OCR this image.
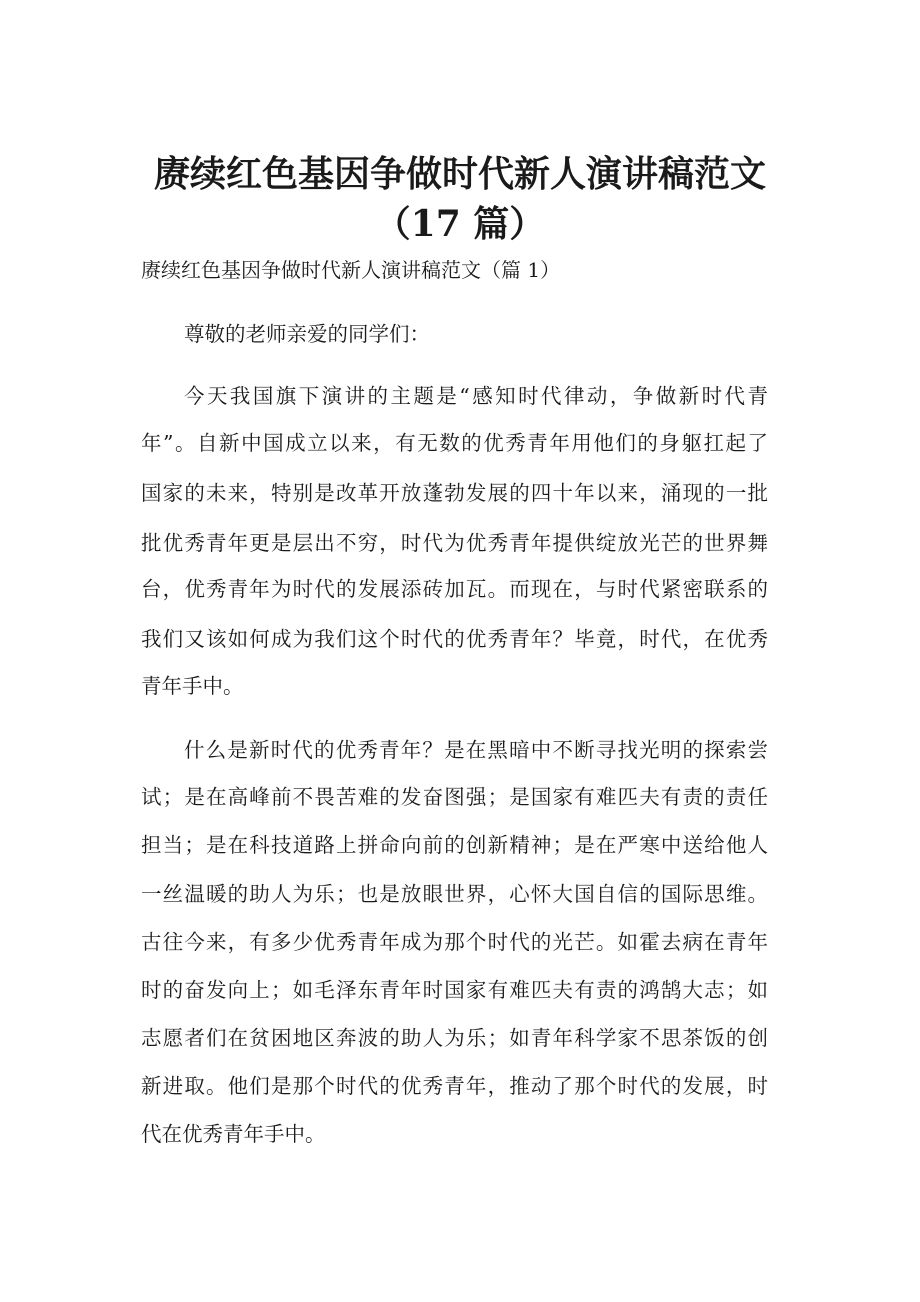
赓续红色基因争做时代新人演讲稿范文
（17 篇）

赓续红色基因争做时代新人演讲稿范文（篇 1）

尊敬的老师亲爱的同学们：

今天我国旗下演讲的主题是“感知时代律动，争做新时代青

年”。自新中国成立以来，有无数的优秀青年用他们的身躯扛起了

国家的未来，特别是改革开放蓬勃发展的四十年以来，涌现的一批

批优秀青年更是层出不穷，时代为优秀青年提供绽放光芒的世界舞

台，优秀青年为时代的发展添砖加瓦。而现在，与时代紧密联系的

我们又该如何成为我们这个时代的优秀青年？毕竟，时代，在优秀

青年手中。

什么是新时代的优秀青年？是在黑暗中不断寻找光明的探索尝

试；是在高峰前不畏苦难的发奋图强；是国家有难匹夫有责的责任

担当；是在科技道路上拼命向前的创新精神；是在严寒中送给他人

一丝温暖的助人为乐；也是放眼世界，心怀大国自信的国际思维。

古往今来，有多少优秀青年成为那个时代的光芒。如霍去病在青年

时的奋发向上；如毛泽东青年时国家有难匹夫有责的鸿鹄大志；如

志愿者们在贫困地区奔波的助人为乐；如青年科学家不思茶饭的创

新进取。他们是那个时代的优秀青年，推动了那个时代的发展，时

代在优秀青年手中。
